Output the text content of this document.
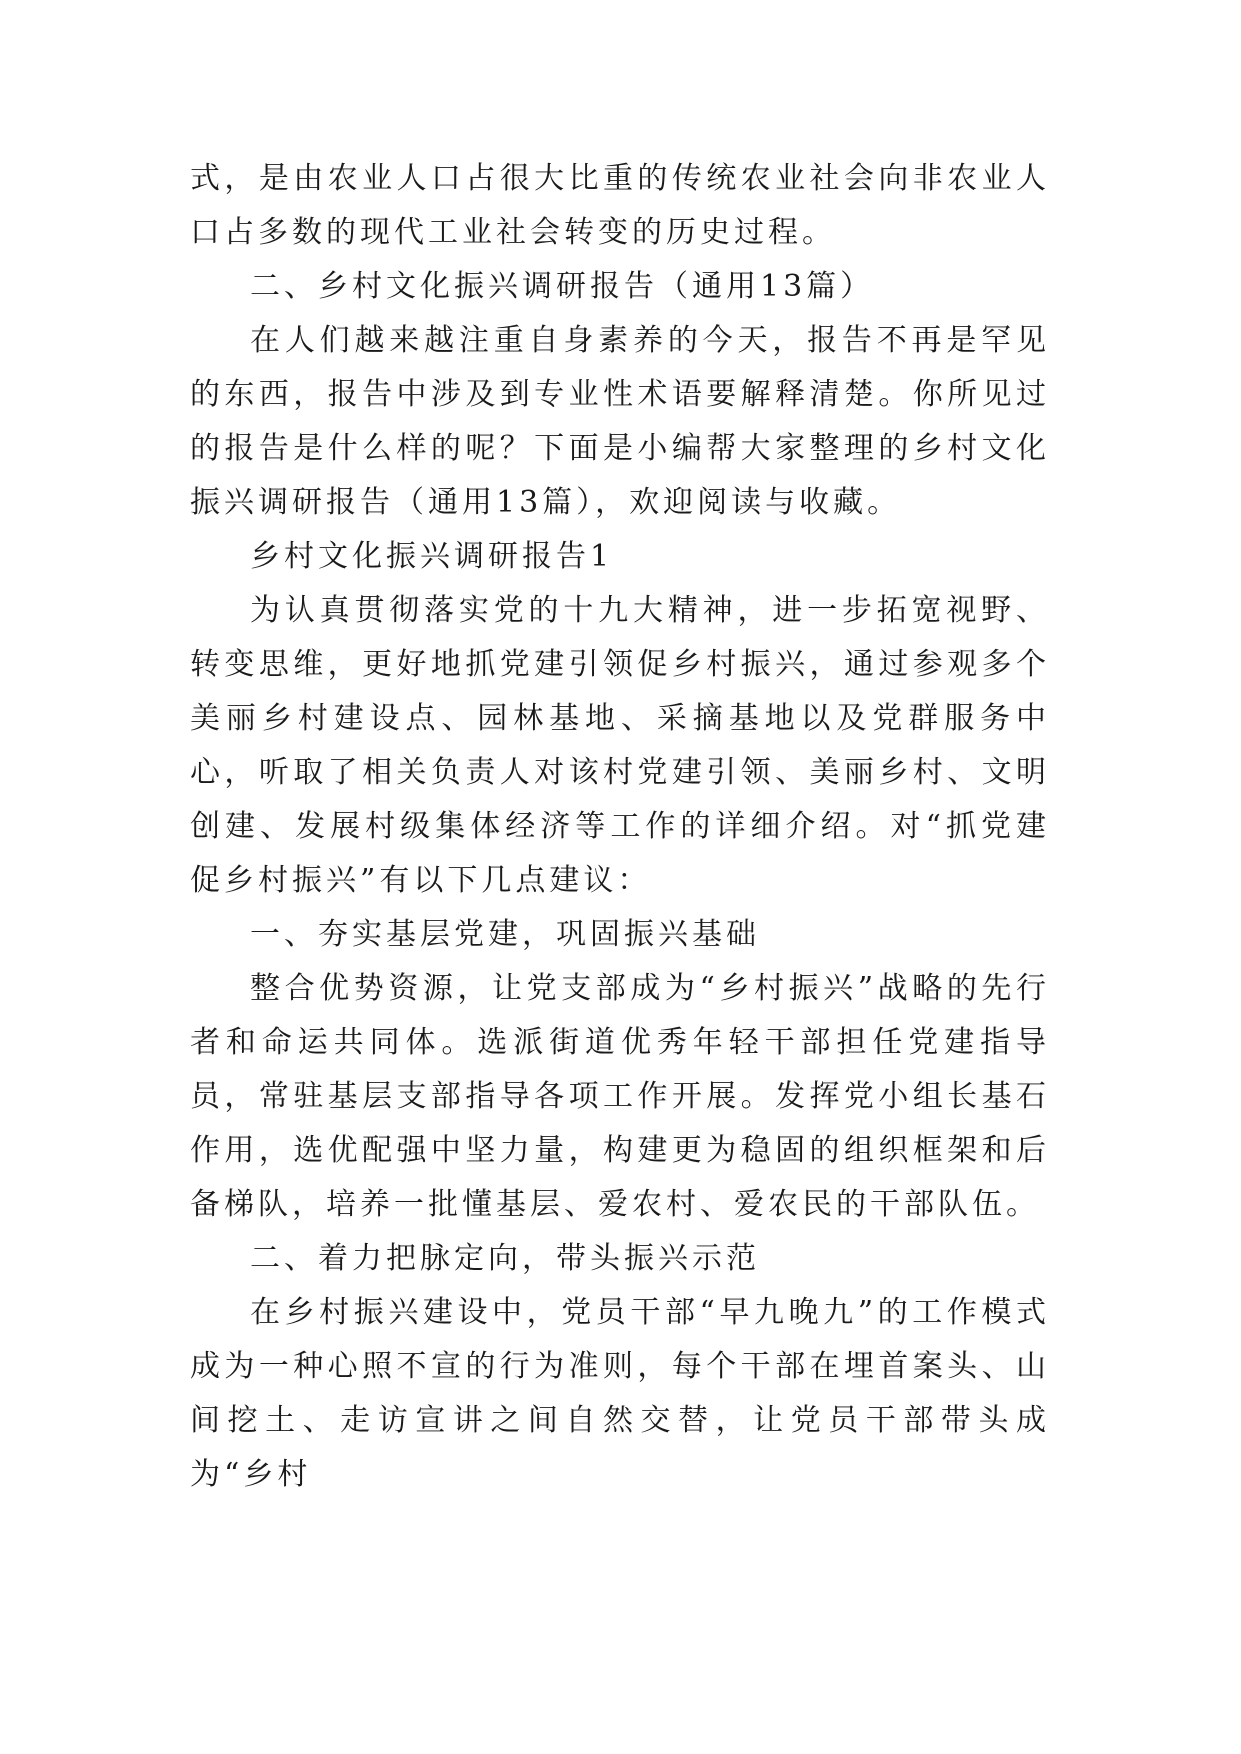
式，是由农业人口占很大比重的传统农业社会向非农业人口占多数的现代工业社会转变的历史过程。

二、乡村文化振兴调研报告（通用13篇）

在人们越来越注重自身素养的今天，报告不再是罕见的东西，报告中涉及到专业性术语要解释清楚。你所见过的报告是什么样的呢？下面是小编帮大家整理的乡村文化振兴调研报告（通用13篇），欢迎阅读与收藏。

乡村文化振兴调研报告1

为认真贯彻落实党的十九大精神，进一步拓宽视野、转变思维，更好地抓党建引领促乡村振兴，通过参观多个美丽乡村建设点、园林基地、采摘基地以及党群服务中心，听取了相关负责人对该村党建引领、美丽乡村、文明创建、发展村级集体经济等工作的详细介绍。对“抓党建促乡村振兴”有以下几点建议：

一、夯实基层党建，巩固振兴基础

整合优势资源，让党支部成为“乡村振兴”战略的先行者和命运共同体。选派街道优秀年轻干部担任党建指导员，常驻基层支部指导各项工作开展。发挥党小组长基石作用，选优配强中坚力量，构建更为稳固的组织框架和后备梯队，培养一批懂基层、爱农村、爱农民的干部队伍。

二、着力把脉定向，带头振兴示范

在乡村振兴建设中，党员干部“早九晚九”的工作模式成为一种心照不宣的行为准则，每个干部在埋首案头、山间挖土、走访宣讲之间自然交替，让党员干部带头成为“乡村
